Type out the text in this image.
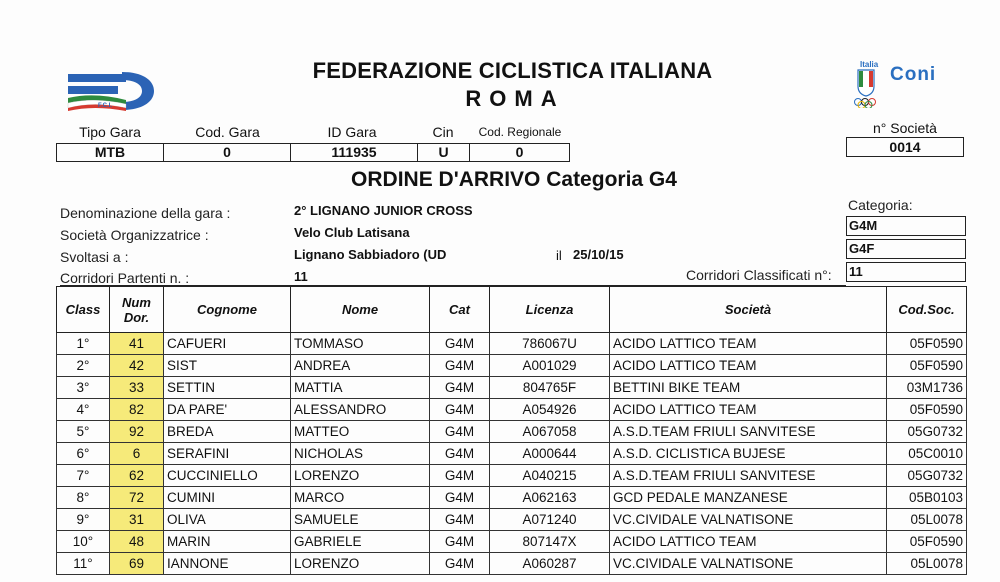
F.C.I.
Italia Coni
FEDERAZIONE CICLISTICA ITALIANA
ROMA
Tipo Gara	Cod. Gara	ID Gara	Cin	Cod. Regionale	n° Società
MTB	0	111935	U	0	0014
ORDINE D'ARRIVO Categoria G4
Denominazione della gara :	2° LIGNANO JUNIOR CROSS
Società Organizzatrice :	Velo Club Latisana
Svoltasi a :	Lignano Sabbiadoro (UD	il 25/10/15
Corridori Partenti n. :	11	Corridori Classificati n°:
Categoria:
G4M
G4F
11
Class	Num Dor.	Cognome	Nome	Cat	Licenza	Società	Cod.Soc.
1°	41	CAFUERI	TOMMASO	G4M	786067U	ACIDO LATTICO TEAM	05F0590
2°	42	SIST	ANDREA	G4M	A001029	ACIDO LATTICO TEAM	05F0590
3°	33	SETTIN	MATTIA	G4M	804765F	BETTINI BIKE TEAM	03M1736
4°	82	DA PARE'	ALESSANDRO	G4M	A054926	ACIDO LATTICO TEAM	05F0590
5°	92	BREDA	MATTEO	G4M	A067058	A.S.D.TEAM FRIULI SANVITESE	05G0732
6°	6	SERAFINI	NICHOLAS	G4M	A000644	A.S.D. CICLISTICA BUJESE	05C0010
7°	62	CUCCINIELLO	LORENZO	G4M	A040215	A.S.D.TEAM FRIULI SANVITESE	05G0732
8°	72	CUMINI	MARCO	G4M	A062163	GCD PEDALE MANZANESE	05B0103
9°	31	OLIVA	SAMUELE	G4M	A071240	VC.CIVIDALE VALNATISONE	05L0078
10°	48	MARIN	GABRIELE	G4M	807147X	ACIDO LATTICO TEAM	05F0590
11°	69	IANNONE	LORENZO	G4M	A060287	VC.CIVIDALE VALNATISONE	05L0078
